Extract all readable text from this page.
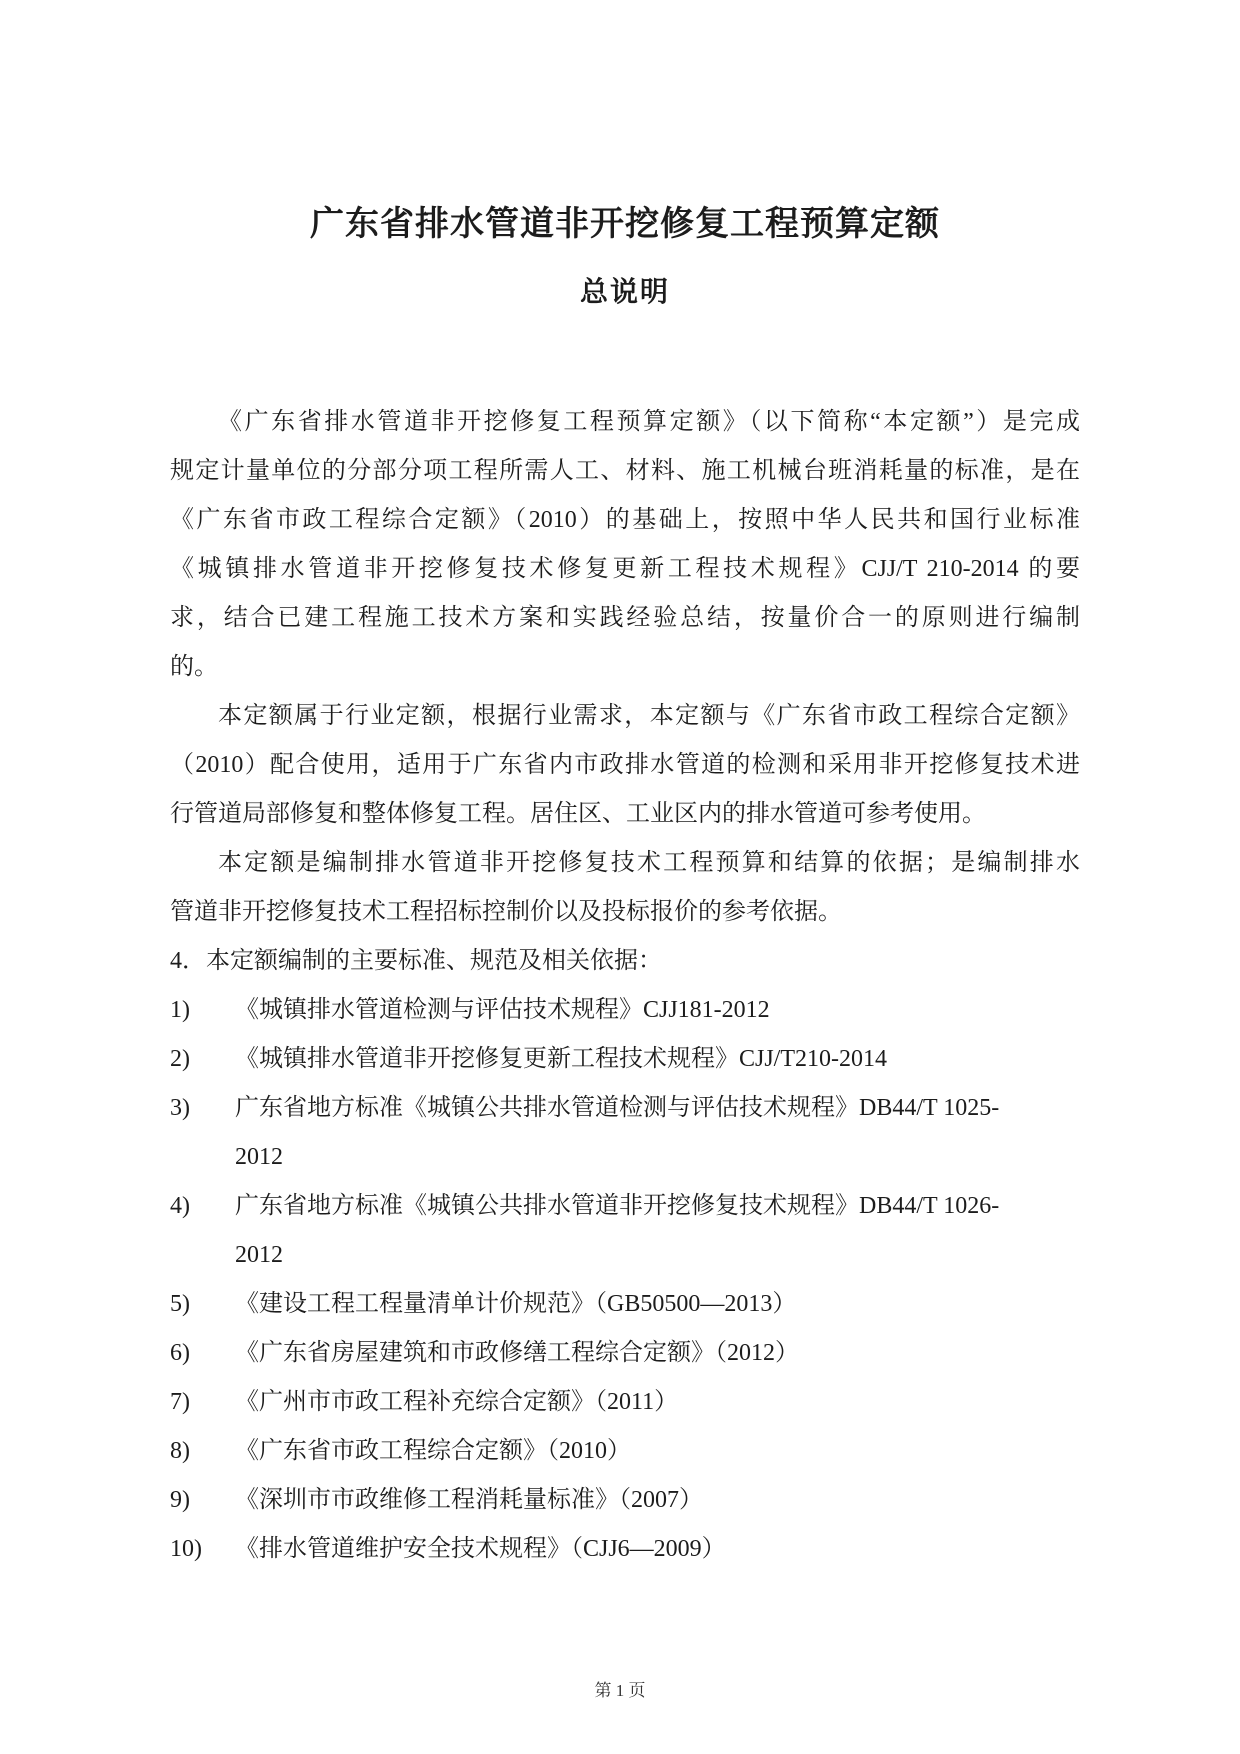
广东省排水管道非开挖修复工程预算定额
总说明
《广东省排水管道非开挖修复工程预算定额》（以下简称“本定额”）是完成
规定计量单位的分部分项工程所需人工、材料、施工机械台班消耗量的标准，是在
《广东省市政工程综合定额》（2010）的基础上，按照中华人民共和国行业标准
《城镇排水管道非开挖修复技术修复更新工程技术规程》CJJ/T 210-2014 的要
求，结合已建工程施工技术方案和实践经验总结，按量价合一的原则进行编制
的。
本定额属于行业定额，根据行业需求，本定额与《广东省市政工程综合定额》
（2010）配合使用，适用于广东省内市政排水管道的检测和采用非开挖修复技术进
行管道局部修复和整体修复工程。居住区、工业区内的排水管道可参考使用。
本定额是编制排水管道非开挖修复技术工程预算和结算的依据；是编制排水
管道非开挖修复技术工程招标控制价以及投标报价的参考依据。
4．本定额编制的主要标准、规范及相关依据：
1) 《城镇排水管道检测与评估技术规程》CJJ181-2012
2) 《城镇排水管道非开挖修复更新工程技术规程》CJJ/T210-2014
3) 广东省地方标准《城镇公共排水管道检测与评估技术规程》DB44/T 1025-
2012
4) 广东省地方标准《城镇公共排水管道非开挖修复技术规程》DB44/T 1026-
2012
5) 《建设工程工程量清单计价规范》（GB50500—2013）
6) 《广东省房屋建筑和市政修缮工程综合定额》（2012）
7) 《广州市市政工程补充综合定额》（2011）
8) 《广东省市政工程综合定额》（2010）
9) 《深圳市市政维修工程消耗量标准》（2007）
10) 《排水管道维护安全技术规程》（CJJ6—2009）
第 1 页
